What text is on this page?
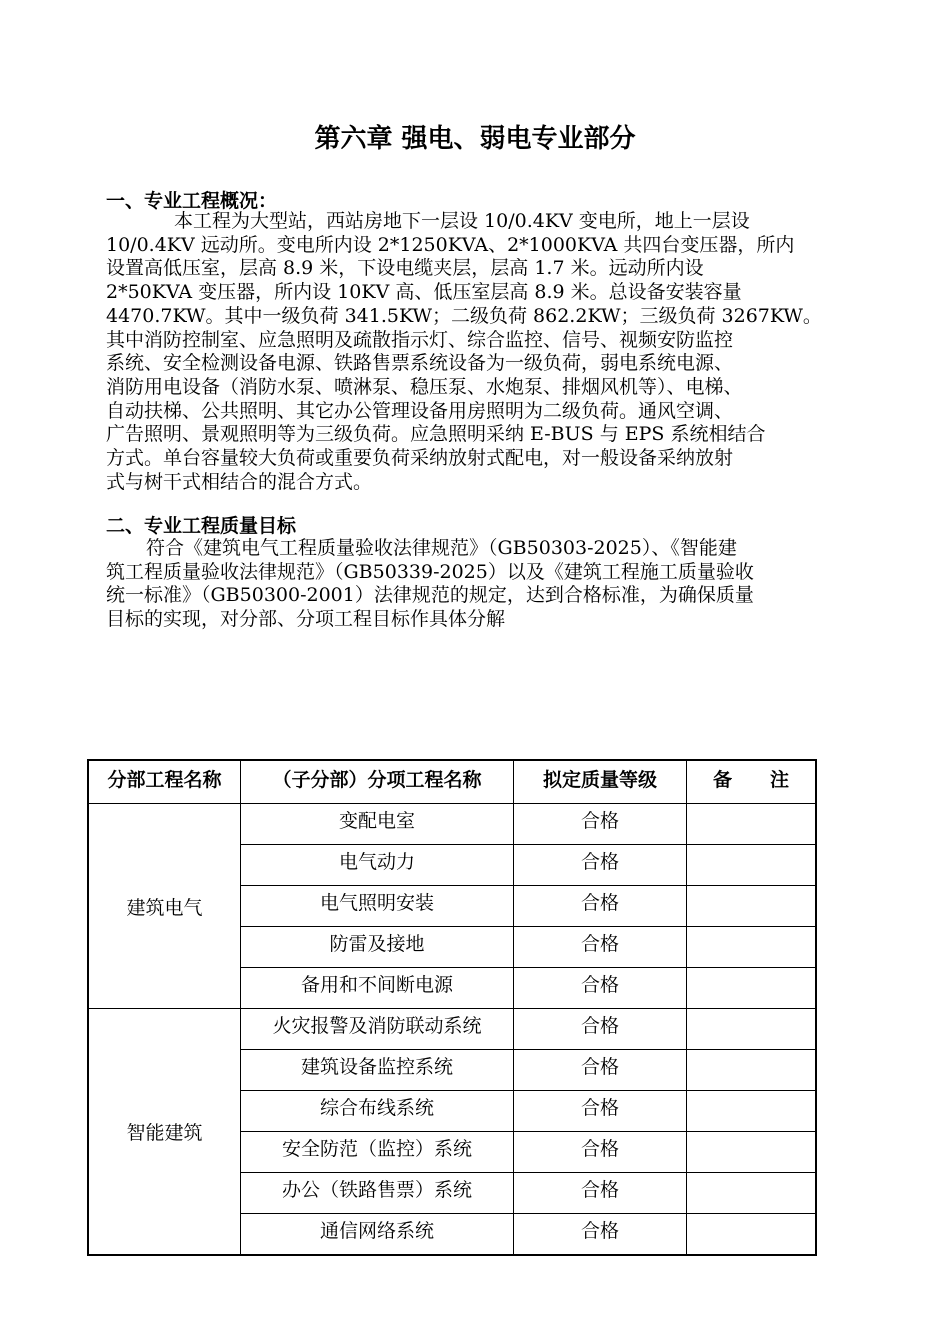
第六章 强电、弱电专业部分
一、专业工程概况：
本工程为大型站，西站房地下一层设 10/0.4KV 变电所，地上一层设
10/0.4KV 远动所。变电所内设 2*1250KVA、2*1000KVA 共四台变压器，所内
设置高低压室，层高 8.9 米，下设电缆夹层，层高 1.7 米。远动所内设
2*50KVA 变压器，所内设 10KV 高、低压室层高 8.9 米。总设备安装容量
4470.7KW。其中一级负荷 341.5KW；二级负荷 862.2KW；三级负荷 3267KW。
其中消防控制室、应急照明及疏散指示灯、综合监控、信号、视频安防监控
系统、安全检测设备电源、铁路售票系统设备为一级负荷，弱电系统电源、
消防用电设备（消防水泵、喷淋泵、稳压泵、水炮泵、排烟风机等）、电梯、
自动扶梯、公共照明、其它办公管理设备用房照明为二级负荷。通风空调、
广告照明、景观照明等为三级负荷。应急照明采纳 E-BUS 与 EPS 系统相结合
方式。单台容量较大负荷或重要负荷采纳放射式配电，对一般设备采纳放射
式与树干式相结合的混合方式。
二、专业工程质量目标
符合《建筑电气工程质量验收法律规范》（GB50303-2025）、《智能建
筑工程质量验收法律规范》（GB50339-2025）以及《建筑工程施工质量验收
统一标准》（GB50300-2001）法律规范的规定，达到合格标准，为确保质量
目标的实现，对分部、分项工程目标作具体分解
分部工程名称	（子分部）分项工程名称	拟定质量等级	备　　注
建筑电气	变配电室	合格	
	电气动力	合格	
	电气照明安装	合格	
	防雷及接地	合格	
	备用和不间断电源	合格	
智能建筑	火灾报警及消防联动系统	合格	
	建筑设备监控系统	合格	
	综合布线系统	合格	
	安全防范（监控）系统	合格	
	办公（铁路售票）系统	合格	
	通信网络系统	合格	
